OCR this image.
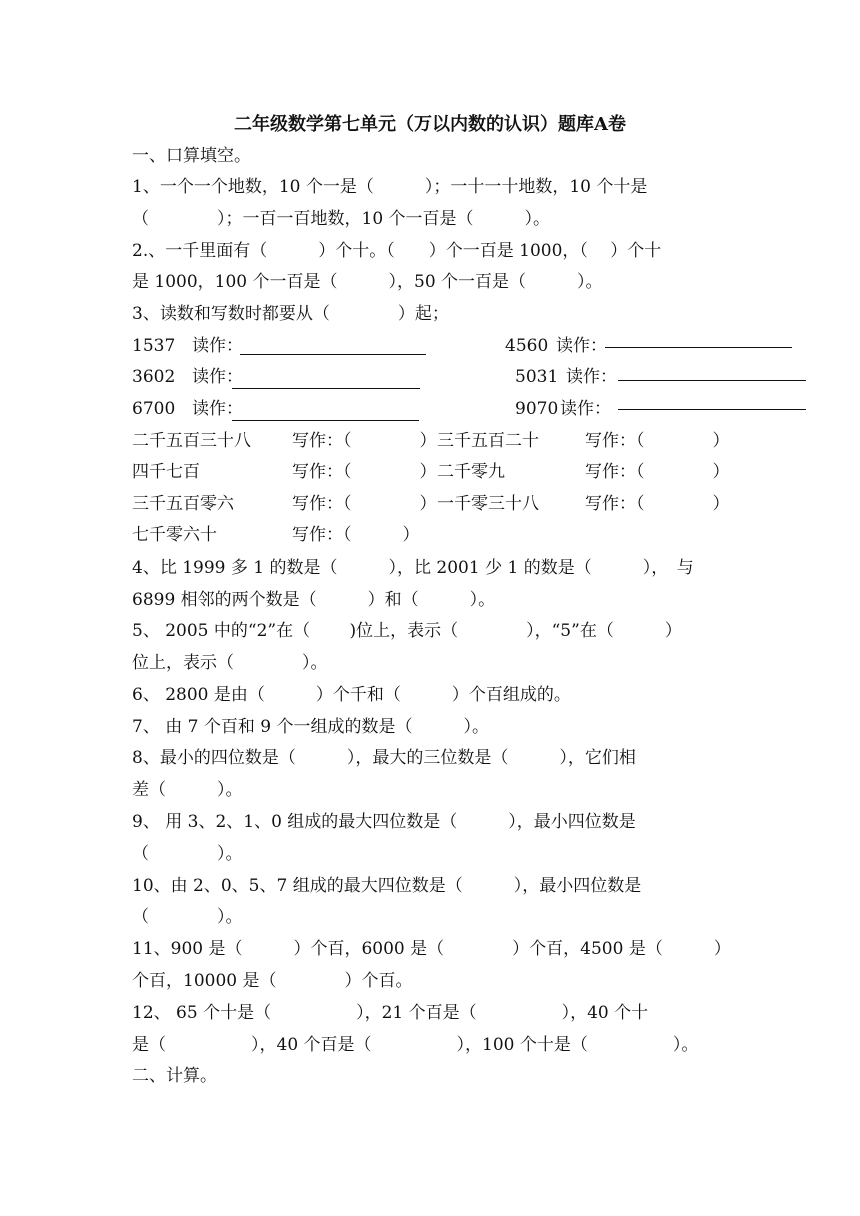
二年级数学第七单元（万以内数的认识）题库A卷
一、口算填空。
1、一个一个地数，10 个一是（　　　）；一十一十地数，10 个十是
（　　　　）；一百一百地数，10 个一百是（　　　）。
2.、一千里面有（　　　）个十。（　　）个一百是 1000，（　 ）个十
是 1000，100 个一百是（　　　），50 个一百是（　　　）。
3、读数和写数时都要从（　　　　）起；
1537 读作：	4560 读作：
3602 读作：	5031 读作：
6700 读作：	9070 读作：
二千五百三十八 写作：（　　　　） 三千五百二十	写作：（　　　　）
四千七百	写作：（　　　　） 二千零九	写作：（　　　　）
三千五百零六	写作：（　　　　） 一千零三十八	写作：（　　　　）
七千零六十	写作：（　　　）
4、比 1999 多 1 的数是（　　　），比 2001 少 1 的数是（　　　），　与
6899 相邻的两个数是（　　　）和（　　　）。
5、 2005 中的“2”在（　　 )位上，表示（　　　　），“5”在（　　　）
位上，表示（　　　　）。
6、 2800 是由（　　　）个千和（　　　）个百组成的。
7、 由 7 个百和 9 个一组成的数是（　　　）。
8、最小的四位数是（　　　），最大的三位数是（　　　），它们相
差（　　　）。
9、 用 3、2、1、0 组成的最大四位数是（　　　），最小四位数是
（　　　　）。
10、由 2、0、5、7 组成的最大四位数是（　　　），最小四位数是
（　　　　）。
11、900 是（　　　）个百，6000 是（　　　　）个百，4500 是（　　　）
个百，10000 是（　　　　）个百。
12、 65 个十是（　　　　　），21 个百是（　　　　　），40 个十
是（　　　　　），40 个百是（　　　　　），100 个十是（　　　　　）。
二、计算。
